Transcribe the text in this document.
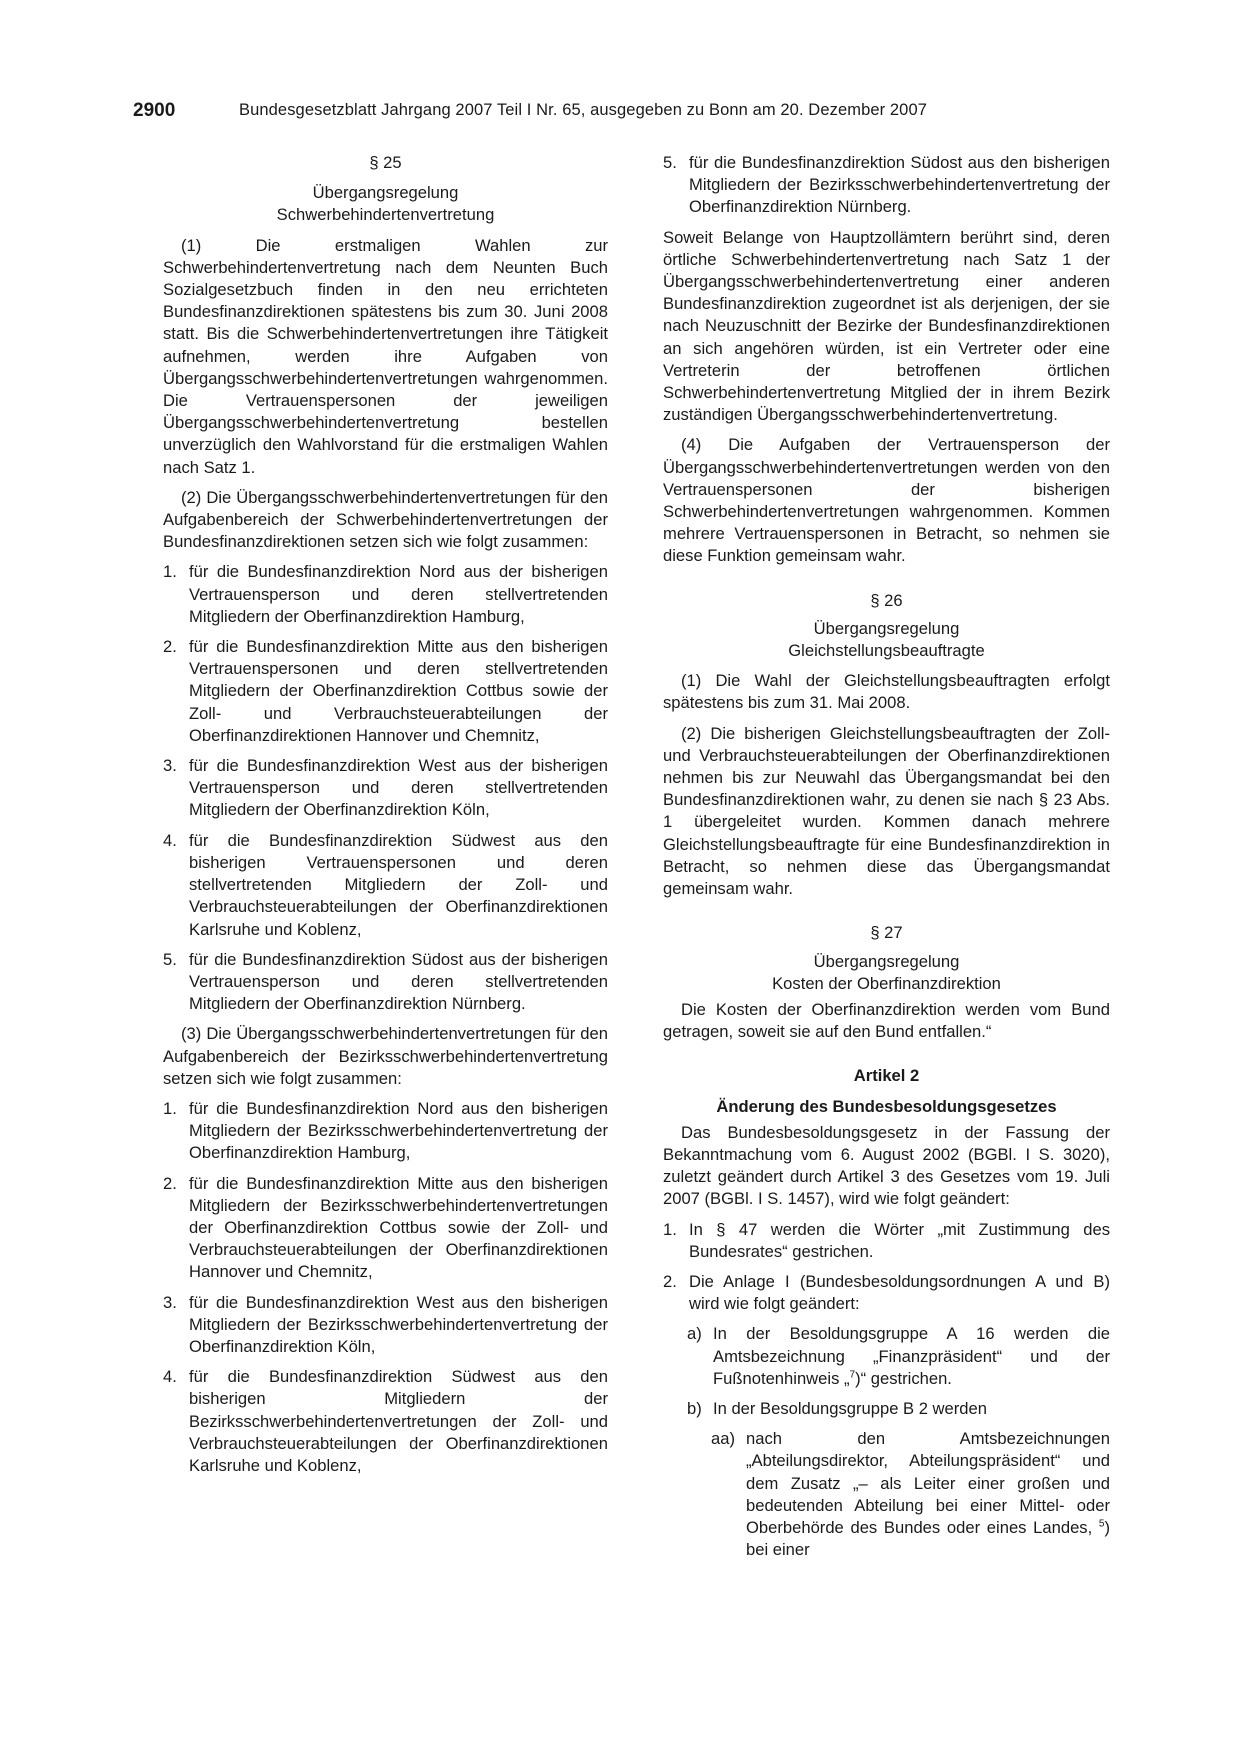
2900	Bundesgesetzblatt Jahrgang 2007 Teil I Nr. 65, ausgegeben zu Bonn am 20. Dezember 2007

§ 25

Übergangsregelung

Schwerbehindertenvertretung

(1) Die erstmaligen Wahlen zur Schwerbehindertenvertretung nach dem Neunten Buch Sozialgesetzbuch finden in den neu errichteten Bundesfinanzdirektionen spätestens bis zum 30. Juni 2008 statt. Bis die Schwerbehindertenvertretungen ihre Tätigkeit aufnehmen, werden ihre Aufgaben von Übergangsschwerbehindertenvertretungen wahrgenommen. Die Vertrauenspersonen der jeweiligen Übergangsschwerbehindertenvertretung bestellen unverzüglich den Wahlvorstand für die erstmaligen Wahlen nach Satz 1.

(2) Die Übergangsschwerbehindertenvertretungen für den Aufgabenbereich der Schwerbehindertenvertretungen der Bundesfinanzdirektionen setzen sich wie folgt zusammen:

1. für die Bundesfinanzdirektion Nord aus der bisherigen Vertrauensperson und deren stellvertretenden Mitgliedern der Oberfinanzdirektion Hamburg,

2. für die Bundesfinanzdirektion Mitte aus den bisherigen Vertrauenspersonen und deren stellvertretenden Mitgliedern der Oberfinanzdirektion Cottbus sowie der Zoll- und Verbrauchsteuerabteilungen der Oberfinanzdirektionen Hannover und Chemnitz,

3. für die Bundesfinanzdirektion West aus der bisherigen Vertrauensperson und deren stellvertretenden Mitgliedern der Oberfinanzdirektion Köln,

4. für die Bundesfinanzdirektion Südwest aus den bisherigen Vertrauenspersonen und deren stellvertretenden Mitgliedern der Zoll- und Verbrauchsteuerabteilungen der Oberfinanzdirektionen Karlsruhe und Koblenz,

5. für die Bundesfinanzdirektion Südost aus der bisherigen Vertrauensperson und deren stellvertretenden Mitgliedern der Oberfinanzdirektion Nürnberg.

(3) Die Übergangsschwerbehindertenvertretungen für den Aufgabenbereich der Bezirksschwerbehindertenvertretung setzen sich wie folgt zusammen:

1. für die Bundesfinanzdirektion Nord aus den bisherigen Mitgliedern der Bezirksschwerbehindertenvertretung der Oberfinanzdirektion Hamburg,

2. für die Bundesfinanzdirektion Mitte aus den bisherigen Mitgliedern der Bezirksschwerbehindertenvertretungen der Oberfinanzdirektion Cottbus sowie der Zoll- und Verbrauchsteuerabteilungen der Oberfinanzdirektionen Hannover und Chemnitz,

3. für die Bundesfinanzdirektion West aus den bisherigen Mitgliedern der Bezirksschwerbehindertenvertretung der Oberfinanzdirektion Köln,

4. für die Bundesfinanzdirektion Südwest aus den bisherigen Mitgliedern der Bezirksschwerbehindertenvertretungen der Zoll- und Verbrauchsteuerabteilungen der Oberfinanzdirektionen Karlsruhe und Koblenz,

5. für die Bundesfinanzdirektion Südost aus den bisherigen Mitgliedern der Bezirksschwerbehindertenvertretung der Oberfinanzdirektion Nürnberg.

Soweit Belange von Hauptzollämtern berührt sind, deren örtliche Schwerbehindertenvertretung nach Satz 1 der Übergangsschwerbehindertenvertretung einer anderen Bundesfinanzdirektion zugeordnet ist als derjenigen, der sie nach Neuzuschnitt der Bezirke der Bundesfinanzdirektionen an sich angehören würden, ist ein Vertreter oder eine Vertreterin der betroffenen örtlichen Schwerbehindertenvertretung Mitglied der in ihrem Bezirk zuständigen Übergangsschwerbehindertenvertretung.

(4) Die Aufgaben der Vertrauensperson der Übergangsschwerbehindertenvertretungen werden von den Vertrauenspersonen der bisherigen Schwerbehindertenvertretungen wahrgenommen. Kommen mehrere Vertrauenspersonen in Betracht, so nehmen sie diese Funktion gemeinsam wahr.

§ 26

Übergangsregelung

Gleichstellungsbeauftragte

(1) Die Wahl der Gleichstellungsbeauftragten erfolgt spätestens bis zum 31. Mai 2008.

(2) Die bisherigen Gleichstellungsbeauftragten der Zoll- und Verbrauchsteuerabteilungen der Oberfinanzdirektionen nehmen bis zur Neuwahl das Übergangsmandat bei den Bundesfinanzdirektionen wahr, zu denen sie nach § 23 Abs. 1 übergeleitet wurden. Kommen danach mehrere Gleichstellungsbeauftragte für eine Bundesfinanzdirektion in Betracht, so nehmen diese das Übergangsmandat gemeinsam wahr.

§ 27

Übergangsregelung

Kosten der Oberfinanzdirektion

Die Kosten der Oberfinanzdirektion werden vom Bund getragen, soweit sie auf den Bund entfallen.“

Artikel 2

Änderung des Bundesbesoldungsgesetzes

Das Bundesbesoldungsgesetz in der Fassung der Bekanntmachung vom 6. August 2002 (BGBl. I S. 3020), zuletzt geändert durch Artikel 3 des Gesetzes vom 19. Juli 2007 (BGBl. I S. 1457), wird wie folgt geändert:

1. In § 47 werden die Wörter „mit Zustimmung des Bundesrates“ gestrichen.

2. Die Anlage I (Bundesbesoldungsordnungen A und B) wird wie folgt geändert:

a) In der Besoldungsgruppe A 16 werden die Amtsbezeichnung „Finanzpräsident“ und der Fußnotenhinweis „$^7$)“ gestrichen.

b) In der Besoldungsgruppe B 2 werden

aa) nach den Amtsbezeichnungen „Abteilungsdirektor, Abteilungspräsident“ und dem Zusatz „– als Leiter einer großen und bedeutenden Abteilung bei einer Mittel- oder Oberbehörde des Bundes oder eines Landes, $^5$) bei einer
